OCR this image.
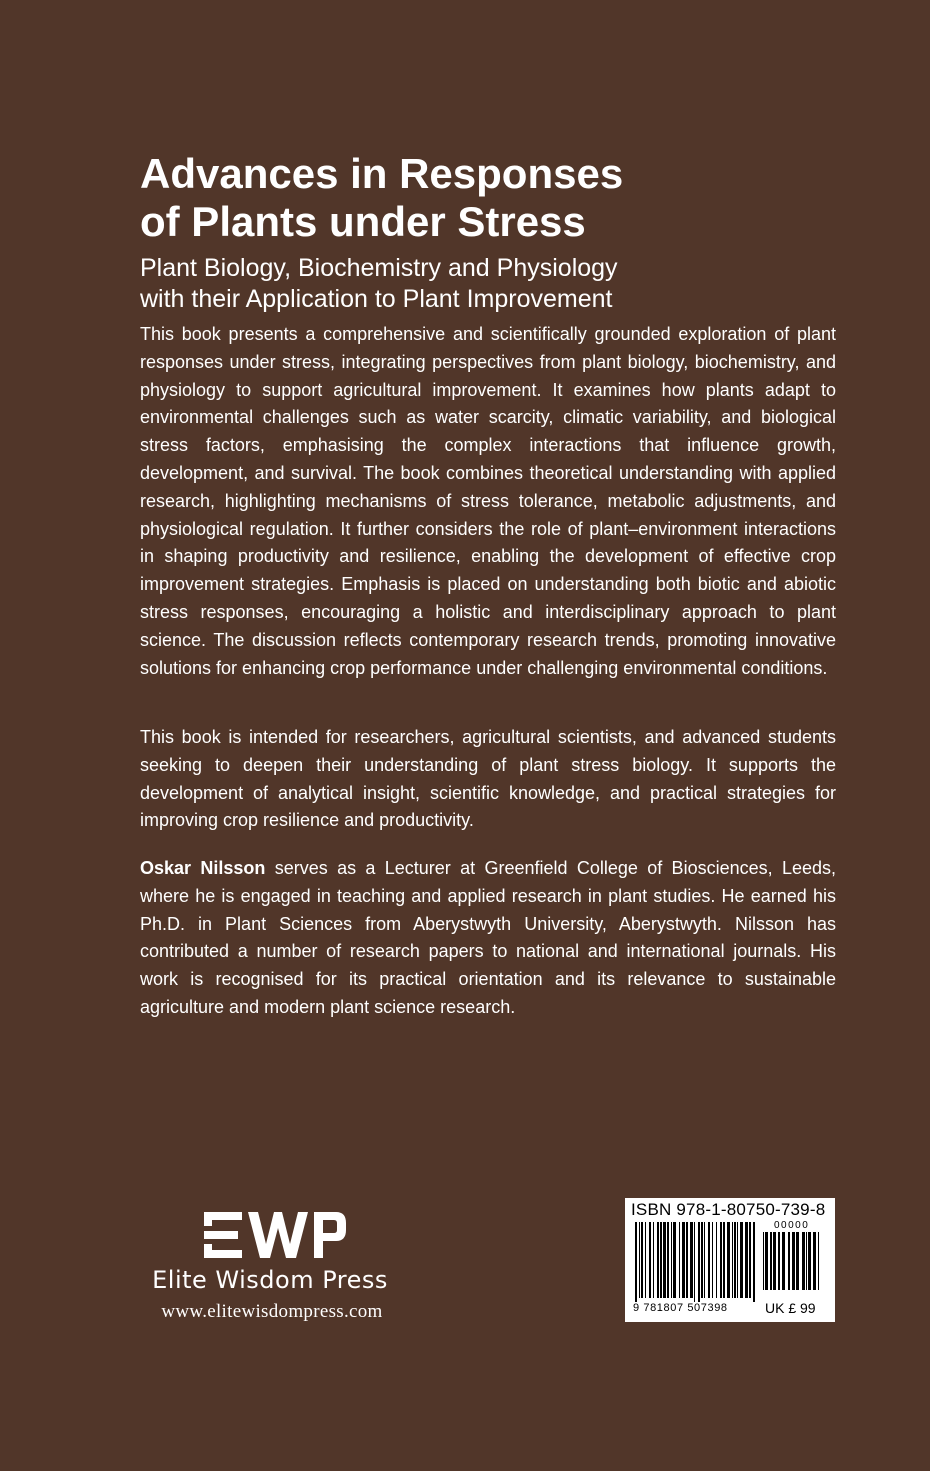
Advances in Responses
of Plants under Stress

Plant Biology, Biochemistry and Physiology
with their Application to Plant Improvement

This book presents a comprehensive and scientifically grounded exploration of plant responses under stress, integrating perspectives from plant biology, biochemistry, and physiology to support agricultural improvement. It examines how plants adapt to environmental challenges such as water scarcity, climatic variability, and biological stress factors, emphasising the complex interactions that influence growth, development, and survival. The book combines theoretical understanding with applied research, highlighting mechanisms of stress tolerance, metabolic adjustments, and physiological regulation. It further considers the role of plant–environment interactions in shaping productivity and resilience, enabling the development of effective crop improvement strategies. Emphasis is placed on understanding both biotic and abiotic stress responses, encouraging a holistic and interdisciplinary approach to plant science. The discussion reflects contemporary research trends, promoting innovative solutions for enhancing crop performance under challenging environmental conditions.

This book is intended for researchers, agricultural scientists, and advanced students seeking to deepen their understanding of plant stress biology. It supports the development of analytical insight, scientific knowledge, and practical strategies for improving crop resilience and productivity.

Oskar Nilsson serves as a Lecturer at Greenfield College of Biosciences, Leeds, where he is engaged in teaching and applied research in plant studies. He earned his Ph.D. in Plant Sciences from Aberystwyth University, Aberystwyth. Nilsson has contributed a number of research papers to national and international journals. His work is recognised for its practical orientation and its relevance to sustainable agriculture and modern plant science research.

Elite Wisdom Press
www.elitewisdompress.com
ISBN 978-1-80750-739-8
00000
9 781807 507398	UK £ 99
